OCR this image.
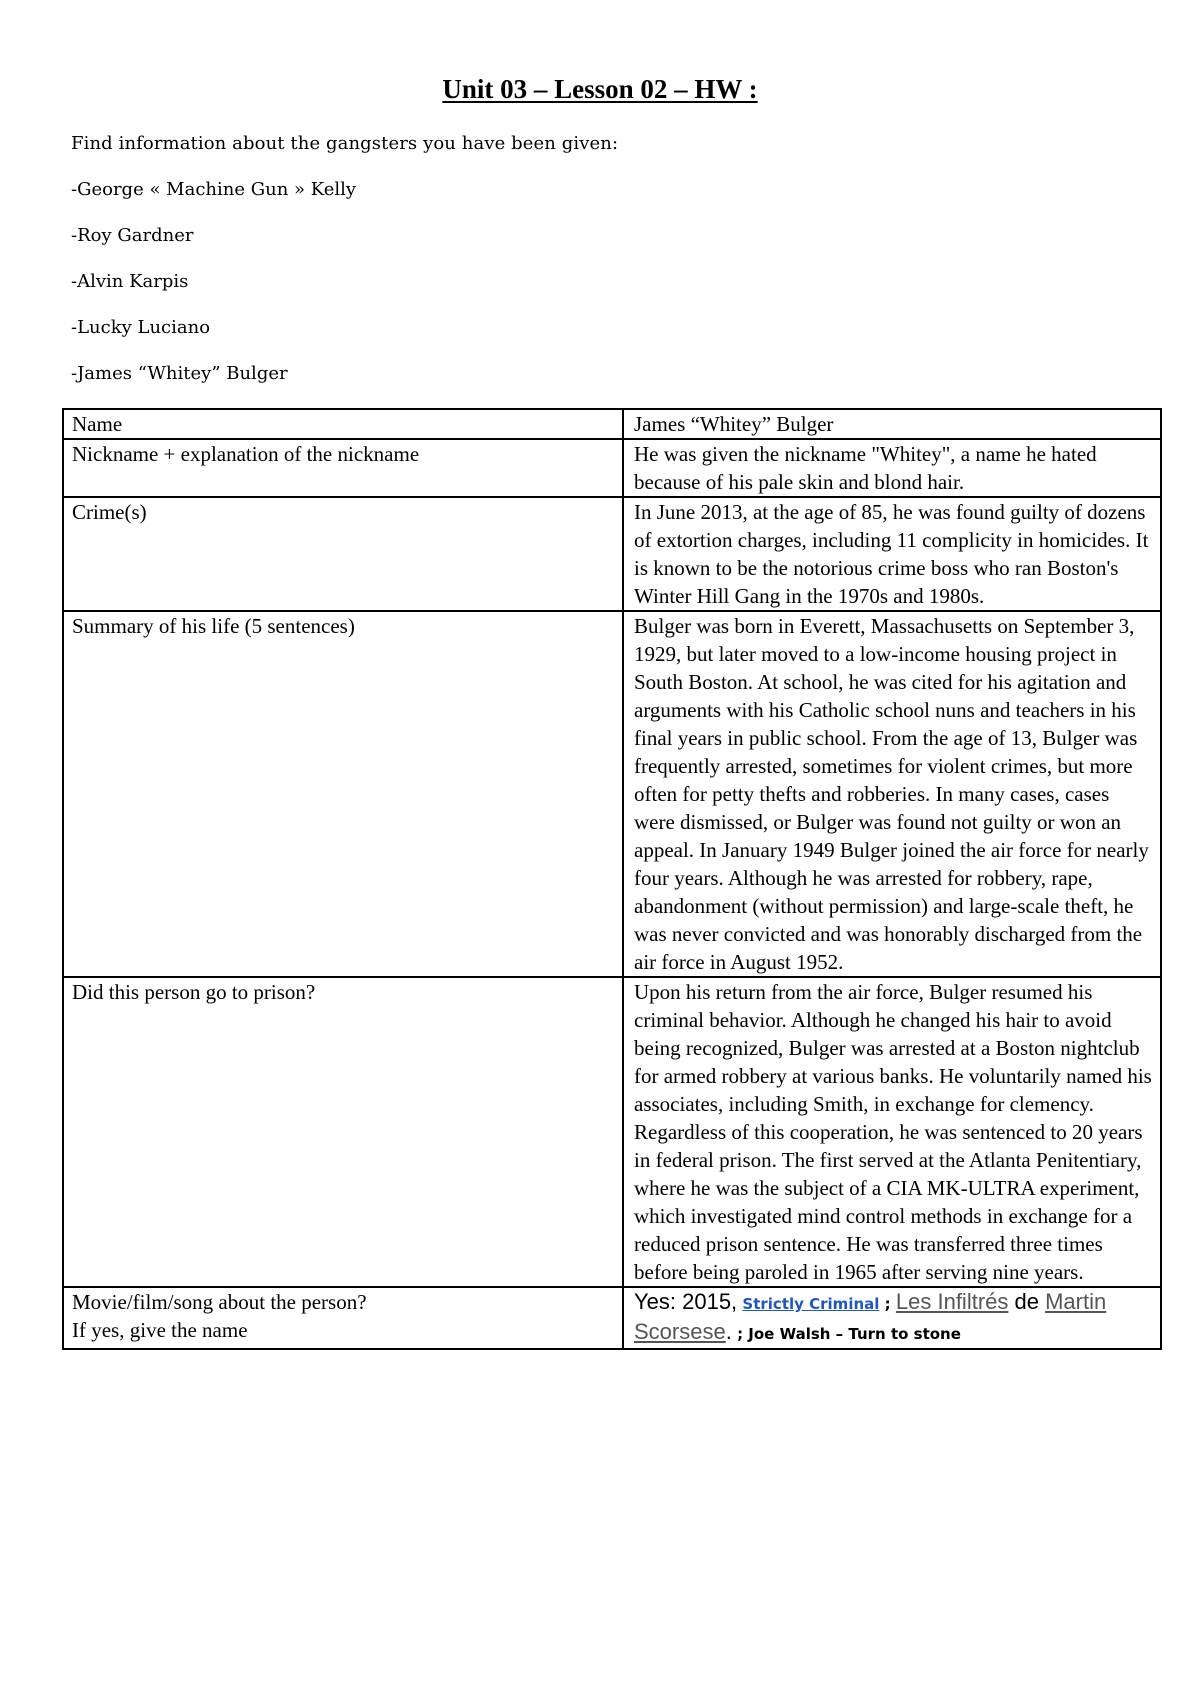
Unit 03 – Lesson 02 – HW :

Find information about the gangsters you have been given:

-George « Machine Gun » Kelly
-Roy Gardner
-Alvin Karpis
-Lucky Luciano
-James “Whitey” Bulger
Name	James “Whitey” Bulger
Nickname + explanation of the nickname	He was given the nickname "Whitey", a name he hated because of his pale skin and blond hair.
Crime(s)	In June 2013, at the age of 85, he was found guilty of dozens of extortion charges, including 11 complicity in homicides. It is known to be the notorious crime boss who ran Boston's Winter Hill Gang in the 1970s and 1980s.
Summary of his life (5 sentences)	Bulger was born in Everett, Massachusetts on September 3, 1929, but later moved to a low-income housing project in South Boston. At school, he was cited for his agitation and arguments with his Catholic school nuns and teachers in his final years in public school. From the age of 13, Bulger was frequently arrested, sometimes for violent crimes, but more often for petty thefts and robberies. In many cases, cases were dismissed, or Bulger was found not guilty or won an appeal. In January 1949 Bulger joined the air force for nearly four years. Although he was arrested for robbery, rape, abandonment (without permission) and large-scale theft, he was never convicted and was honorably discharged from the air force in August 1952.
Did this person go to prison?	Upon his return from the air force, Bulger resumed his criminal behavior. Although he changed his hair to avoid being recognized, Bulger was arrested at a Boston nightclub for armed robbery at various banks. He voluntarily named his associates, including Smith, in exchange for clemency. Regardless of this cooperation, he was sentenced to 20 years in federal prison. The first served at the Atlanta Penitentiary, where he was the subject of a CIA MK-ULTRA experiment, which investigated mind control methods in exchange for a reduced prison sentence. He was transferred three times before being paroled in 1965 after serving nine years.

Movie/film/song about the person?
If yes, give the name	Yes: 2015, Strictly Criminal ; Les Infiltrés de Martin Scorsese. ; Joe Walsh – Turn to stone
